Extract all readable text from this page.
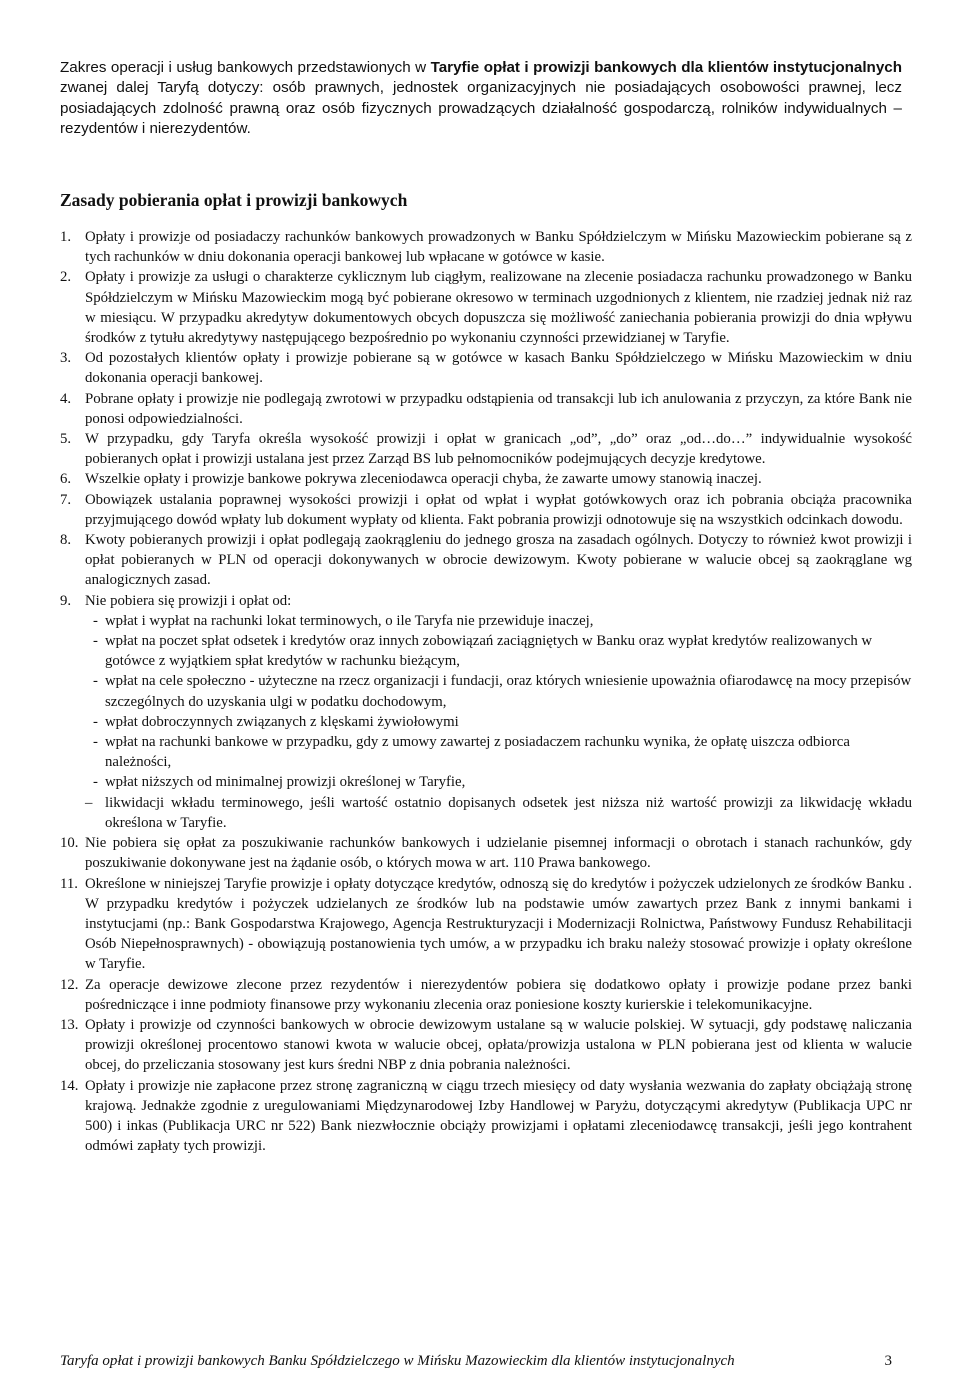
Zakres operacji i usług bankowych przedstawionych w Taryfie opłat i prowizji bankowych dla klientów instytucjonalnych zwanej dalej Taryfą dotyczy: osób prawnych, jednostek organizacyjnych nie posiadających osobowości prawnej, lecz posiadających zdolność prawną oraz osób fizycznych prowadzących działalność gospodarczą, rolników indywidualnych – rezydentów i nierezydentów.

Zasady pobierania opłat i prowizji bankowych
1. Opłaty i prowizje od posiadaczy rachunków bankowych prowadzonych w Banku Spółdzielczym w Mińsku Mazowieckim pobierane są z tych rachunków w dniu dokonania operacji bankowej lub wpłacane w gotówce w kasie.
2. Opłaty i prowizje za usługi o charakterze cyklicznym lub ciągłym, realizowane na zlecenie posiadacza rachunku prowadzonego w Banku Spółdzielczym w Mińsku Mazowieckim mogą być pobierane okresowo w terminach uzgodnionych z klientem, nie rzadziej jednak niż raz w miesiącu. W przypadku akredytyw dokumentowych obcych dopuszcza się możliwość zaniechania pobierania prowizji do dnia wpływu środków z tytułu akredytywy następującego bezpośrednio po wykonaniu czynności przewidzianej w Taryfie.
3. Od pozostałych klientów opłaty i prowizje pobierane są w gotówce w kasach Banku Spółdzielczego w Mińsku Mazowieckim w dniu dokonania operacji bankowej.
4. Pobrane opłaty i prowizje nie podlegają zwrotowi w przypadku odstąpienia od transakcji lub ich anulowania z przyczyn, za które Bank nie ponosi odpowiedzialności.
5. W przypadku, gdy Taryfa określa wysokość prowizji i opłat w granicach „od”, „do” oraz „od…do…” indywidualnie wysokość pobieranych opłat i prowizji ustalana jest przez Zarząd BS lub pełnomocników podejmujących decyzje kredytowe.
6. Wszelkie opłaty i prowizje bankowe pokrywa zleceniodawca operacji chyba, że zawarte umowy stanowią inaczej.
7. Obowiązek ustalania poprawnej wysokości prowizji i opłat od wpłat i wypłat gotówkowych oraz ich pobrania obciąża pracownika przyjmującego dowód wpłaty lub dokument wypłaty od klienta. Fakt pobrania prowizji odnotowuje się na wszystkich odcinkach dowodu.
8. Kwoty pobieranych prowizji i opłat podlegają zaokrągleniu do jednego grosza na zasadach ogólnych. Dotyczy to również kwot prowizji i opłat pobieranych w PLN od operacji dokonywanych w obrocie dewizowym. Kwoty pobierane w walucie obcej są zaokrąglane wg analogicznych zasad.
9. Nie pobiera się prowizji i opłat od:
- wpłat i wypłat na rachunki lokat terminowych, o ile Taryfa nie przewiduje inaczej,
- wpłat na poczet spłat odsetek i kredytów oraz innych zobowiązań zaciągniętych w Banku oraz wypłat kredytów realizowanych w gotówce z wyjątkiem spłat kredytów w rachunku bieżącym,
- wpłat na cele społeczno - użyteczne na rzecz organizacji i fundacji, oraz których wniesienie upoważnia ofiarodawcę na mocy przepisów szczególnych do uzyskania ulgi w podatku dochodowym,
- wpłat dobroczynnych związanych z klęskami żywiołowymi
- wpłat na rachunki bankowe w przypadku, gdy z umowy zawartej z posiadaczem rachunku wynika, że opłatę uiszcza odbiorca należności,
- wpłat niższych od minimalnej prowizji określonej w Taryfie,
– likwidacji wkładu terminowego, jeśli wartość ostatnio dopisanych odsetek jest niższa niż wartość prowizji za likwidację wkładu określona w Taryfie.
10. Nie pobiera się opłat za poszukiwanie rachunków bankowych i udzielanie pisemnej informacji o obrotach i stanach rachunków, gdy poszukiwanie dokonywane jest na żądanie osób, o których mowa w art. 110 Prawa bankowego.
11. Określone w niniejszej Taryfie prowizje i opłaty dotyczące kredytów, odnoszą się do kredytów i pożyczek udzielonych ze środków Banku . W przypadku kredytów i pożyczek udzielanych ze środków lub na podstawie umów zawartych przez Bank z innymi bankami i instytucjami (np.: Bank Gospodarstwa Krajowego, Agencja Restrukturyzacji i Modernizacji Rolnictwa, Państwowy Fundusz Rehabilitacji Osób Niepełnosprawnych) - obowiązują postanowienia tych umów, a w przypadku ich braku należy stosować prowizje i opłaty określone w Taryfie.
12. Za operacje dewizowe zlecone przez rezydentów i nierezydentów pobiera się dodatkowo opłaty i prowizje podane przez banki pośredniczące i inne podmioty finansowe przy wykonaniu zlecenia oraz poniesione koszty kurierskie i telekomunikacyjne.
13. Opłaty i prowizje od czynności bankowych w obrocie dewizowym ustalane są w walucie polskiej. W sytuacji, gdy podstawę naliczania prowizji określonej procentowo stanowi kwota w walucie obcej, opłata/prowizja ustalona w PLN pobierana jest od klienta w walucie obcej, do przeliczania stosowany jest kurs średni NBP z dnia pobrania należności.
14. Opłaty i prowizje nie zapłacone przez stronę zagraniczną w ciągu trzech miesięcy od daty wysłania wezwania do zapłaty obciążają stronę krajową. Jednakże zgodnie z uregulowaniami Międzynarodowej Izby Handlowej w Paryżu, dotyczącymi akredytyw (Publikacja UPC nr 500) i inkas (Publikacja URC nr 522) Bank niezwłocznie obciąży prowizjami i opłatami zleceniodawcę transakcji, jeśli jego kontrahent odmówi zapłaty tych prowizji.
Taryfa opłat i prowizji bankowych Banku Spółdzielczego w Mińsku Mazowieckim dla klientów instytucjonalnych	3
